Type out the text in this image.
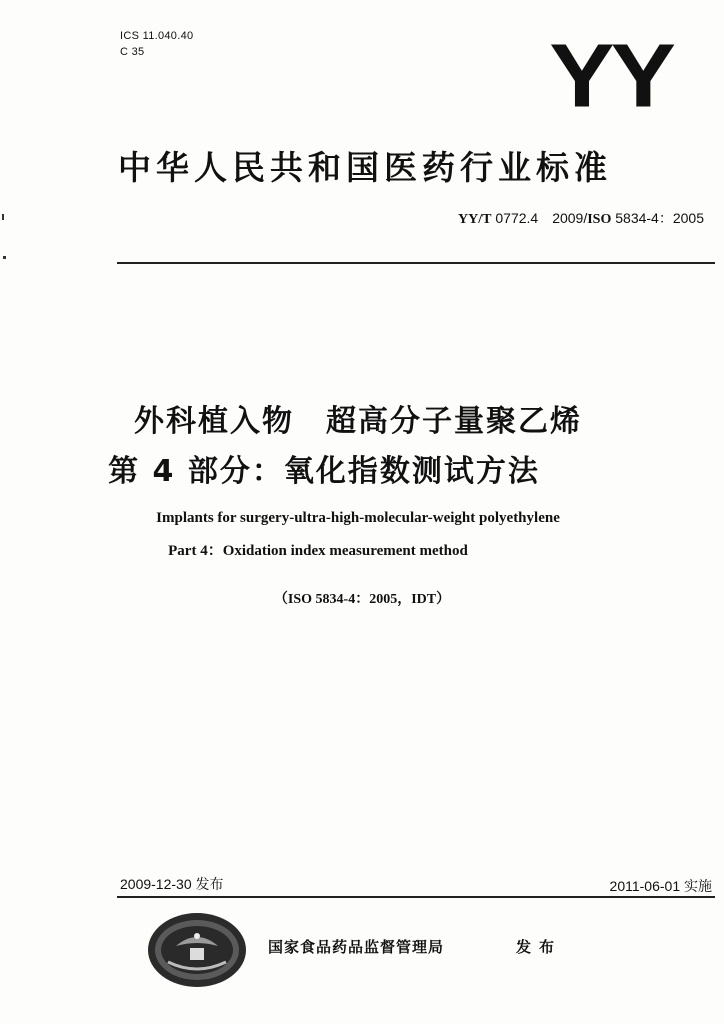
ICS 11.040.40
C 35	YY
中华人民共和国医药行业标准
YY/T 0772.4　2009/ISO 5834-4：2005
外科植入物　超高分子量聚乙烯
第 4 部分：氧化指数测试方法
Implants for surgery-ultra-high-molecular-weight polyethylene
Part 4：Oxidation index measurement method
（ISO 5834-4：2005，IDT）
2009-12-30 发布	2011-06-01 实施
国家食品药品监督管理局	发布
